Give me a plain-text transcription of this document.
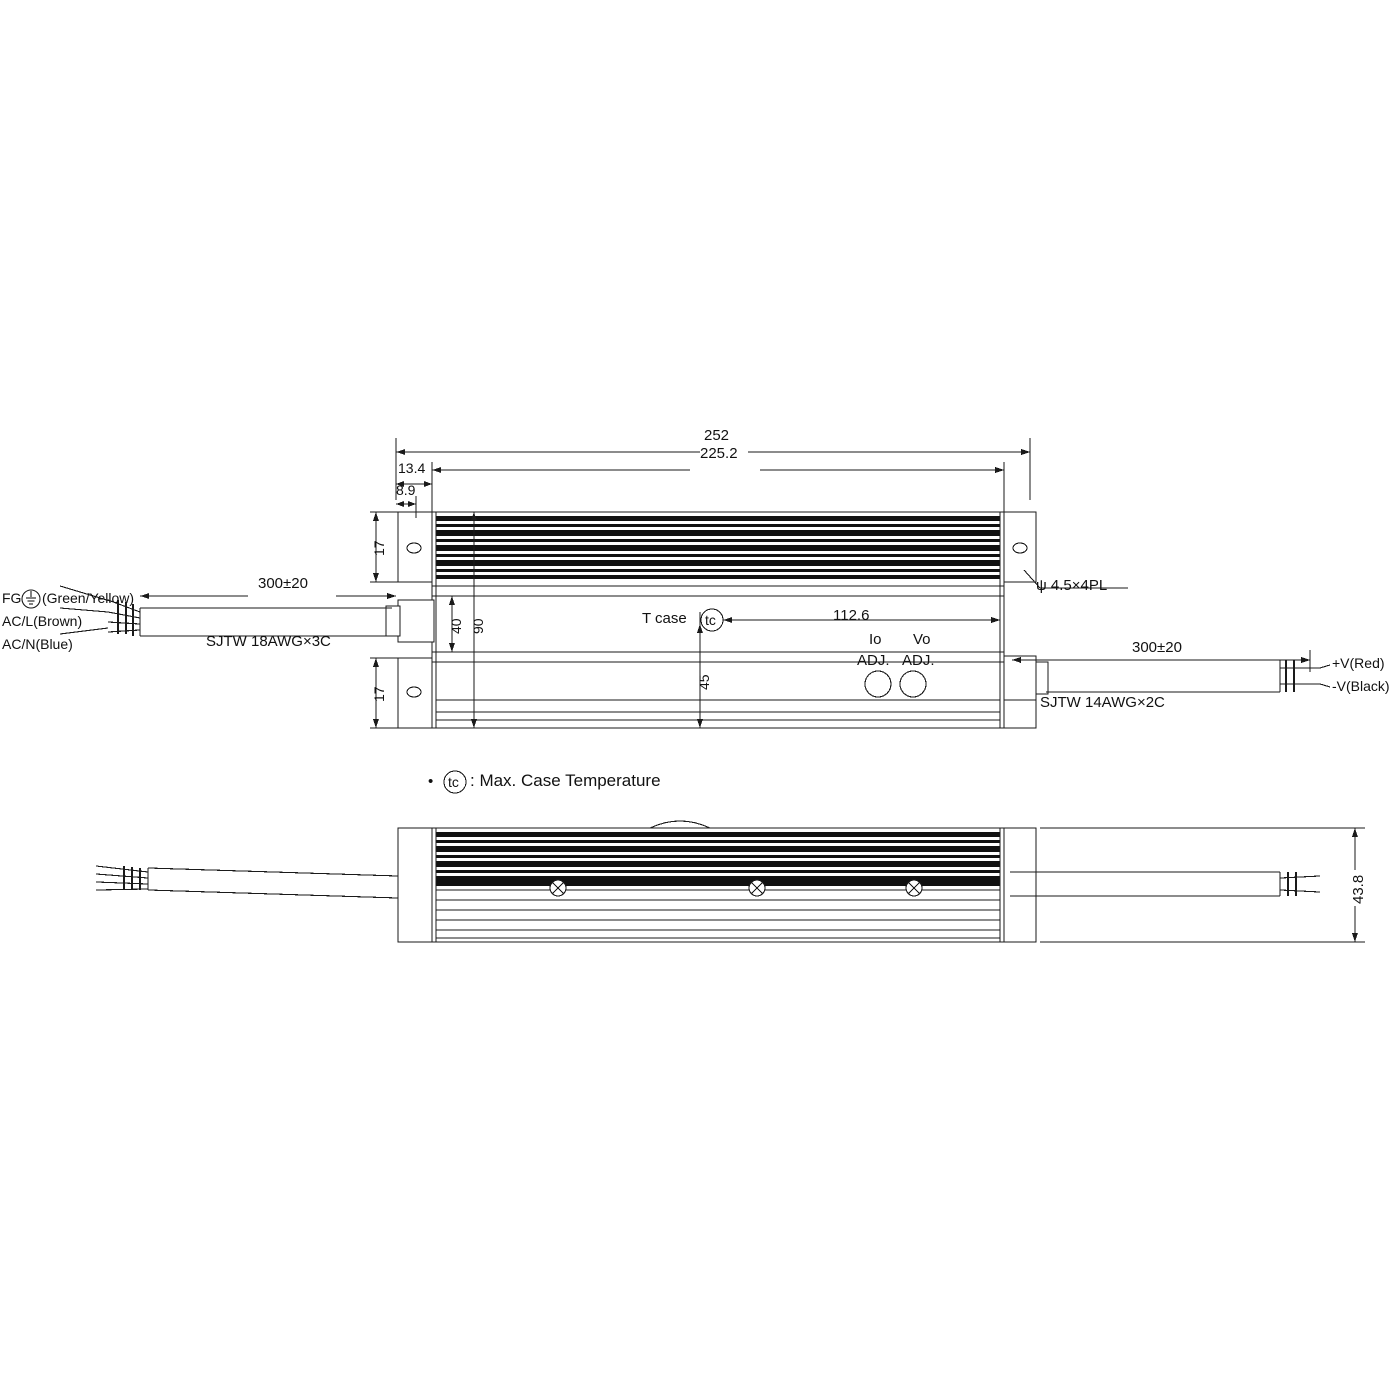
252
225.2
13.4
8.9
17
17
40 90
45
300±20
SJTW 18AWG×3C
FG (Green/Yellow)
AC/L(Brown)
AC/N(Blue)
T case tc	112.6
Io
ADJ.
Vo
ADJ.
ψ 4.5×4PL
300±20
SJTW 14AWG×2C
+V(Red)
-V(Black)
• tc : Max. Case Temperature
43.8
